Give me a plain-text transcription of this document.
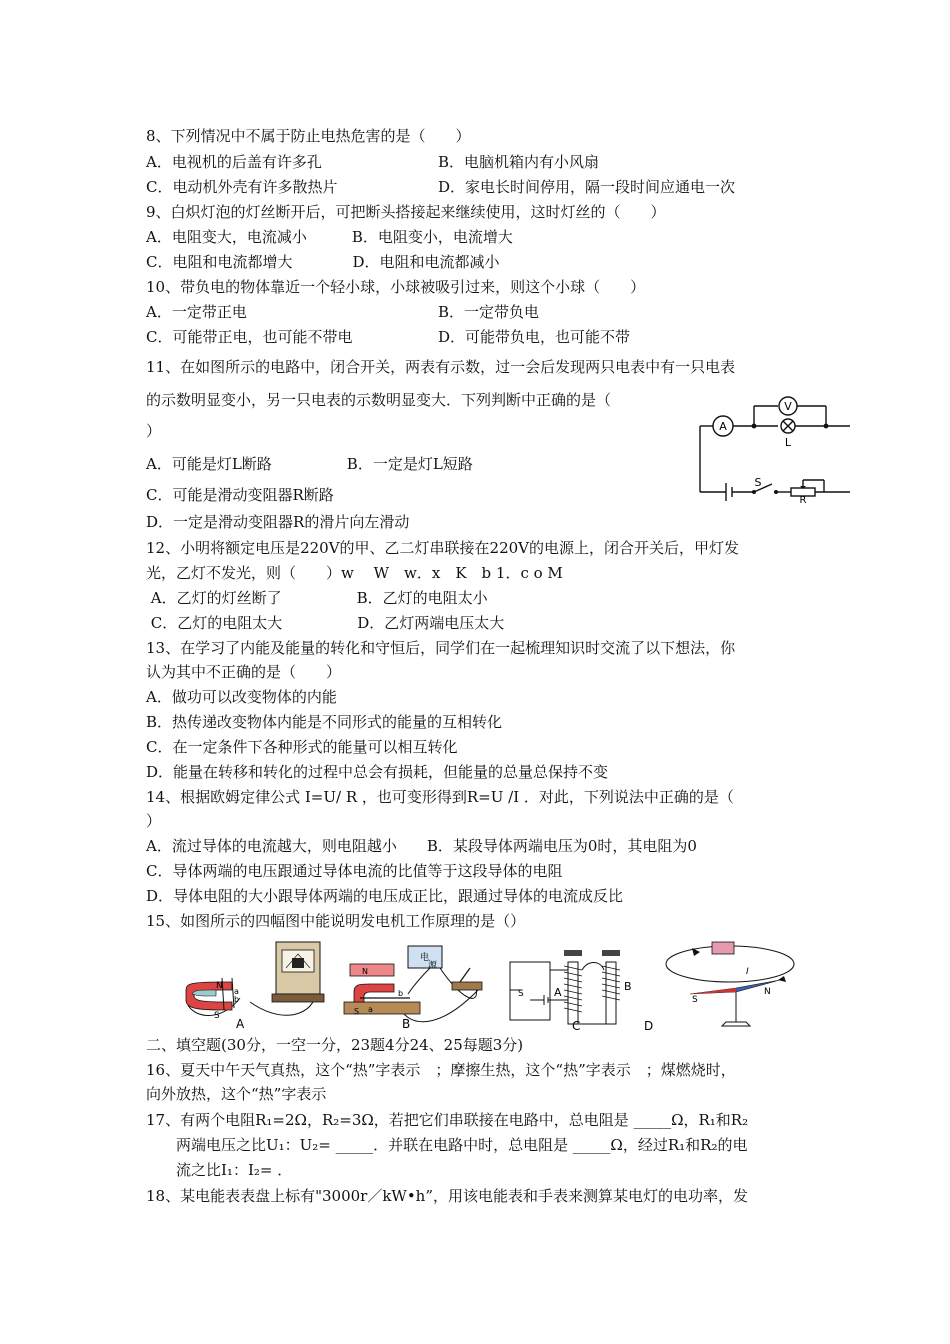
8、下列情况中不属于防止电热危害的是（　　）
A．电视机的后盖有许多孔	B．电脑机箱内有小风扇
C．电动机外壳有许多散热片	D．家电长时间停用，隔一段时间应通电一次
9、白炽灯泡的灯丝断开后，可把断头搭接起来继续使用，这时灯丝的（　　）
A．电阻变大，电流减小　　　B．电阻变小，电流增大
C．电阻和电流都增大　　　　D．电阻和电流都减小
10、带负电的物体靠近一个轻小球，小球被吸引过来，则这个小球（　　）
A．一定带正电	B．一定带负电
C．可能带正电，也可能不带电	D．可能带负电，也可能不带
11、在如图所示的电路中，闭合开关，两表有示数，过一会后发现两只电表中有一只电表
的示数明显变小，另一只电表的示数明显变大．下列判断中正确的是（
）
A．可能是灯L断路　　　　　B．一定是灯L短路
C．可能是滑动变阻器R断路
D．一定是滑动变阻器R的滑片向左滑动
A
V
L
S
R
12、小明将额定电压是220V的甲、乙二灯串联接在220V的电源上，闭合开关后，甲灯发
光，乙灯不发光，则（　　）w　 W　w．x　K　b 1．c o M
A．乙灯的灯丝断了　　　　　B．乙灯的电阻太小
C．乙灯的电阻太大　　　　　D．乙灯两端电压太大
13、在学习了内能及能量的转化和守恒后，同学们在一起梳理知识时交流了以下想法，你
认为其中不正确的是（　　）
A．做功可以改变物体的内能
B．热传递改变物体内能是不同形式的能量的互相转化
C．在一定条件下各种形式的能量可以相互转化
D．能量在转移和转化的过程中总会有损耗，但能量的总量总保持不变
14、根据欧姆定律公式 I=U/ R ，也可变形得到R=U /I ．对此，下列说法中正确的是（
）
A．流过导体的电流越大，则电阻越小　　B．某段导体两端电压为0时，其电阻为0
C．导体两端的电压跟通过导体电流的比值等于这段导体的电阻
D．导体电阻的大小跟导体两端的电压成正比，跟通过导体的电流成反比
15、如图所示的四幅图中能说明发电机工作原理的是（）
N
S
a
b
A
电
源
N
S a
b
B
S	A	B
C	D
S
N
I
二、填空题(30分，一空一分，23题4分24、25每题3分)
16、夏天中午天气真热，这个“热”字表示　；摩擦生热，这个“热”字表示　；煤燃烧时，
向外放热，这个“热”字表示
17、有两个电阻R₁=2Ω，R₂=3Ω，若把它们串联接在电路中，总电阻是 _____Ω，R₁和R₂
两端电压之比U₁：U₂= _____．并联在电路中时，总电阻是 _____Ω，经过R₁和R₂的电
流之比I₁：I₂= ．
18、某电能表表盘上标有"3000r／kW•h”，用该电能表和手表来测算某电灯的电功率，发
